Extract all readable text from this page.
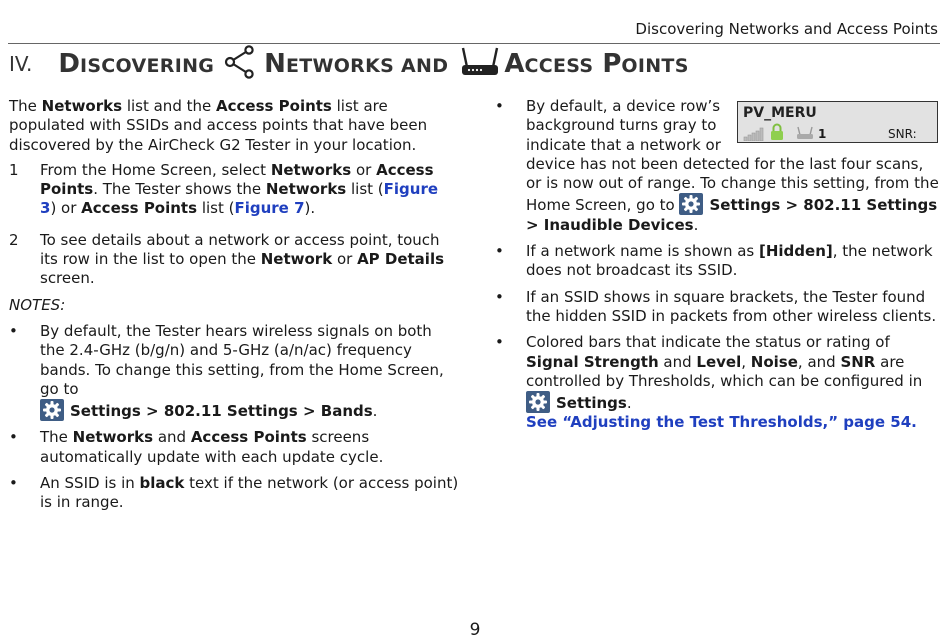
Discovering Networks and Access Points
IV. D ISCOVERING N ETWORKS AND A CCESS P OINTS

The Networks list and the Access Points list are populated with SSIDs and access points that have been discovered by the AirCheck G2 Tester in your location.

1 From the Home Screen, select Networks or Access Points. The Tester shows the Networks list (Figure 3) or Access Points list (Figure 7).
2 To see details about a network or access point, touch its row in the list to open the Network or AP Details screen.

NOTES:

• By default, the Tester hears wireless signals on both the 2.4-GHz (b/g/n) and 5-GHz (a/n/ac) frequency bands. To change this setting, from the Home Screen, go to

Settings > 802.11 Settings > Bands.
• The Networks and Access Points screens automatically update with each update cycle.
• An SSID is in black text if the network (or access point) is in range.
•	PV_MERU
1	SNR:
By default, a device row’s background turns gray to indicate that a network or device has not been detected for the last four scans, or is now out of range. To change this setting, from the Home Screen, go to
Settings > 802.11 Settings > Inaudible Devices.
• If a network name is shown as [Hidden], the network does not broadcast its SSID.
• If an SSID shows in square brackets, the Tester found the hidden SSID in packets from other wireless clients.
• Colored bars that indicate the status or rating of Signal Strength and Level, Noise, and SNR are controlled by Thresholds, which can be configured in
Settings.
See “Adjusting the Test Thresholds,” page 54.
9
